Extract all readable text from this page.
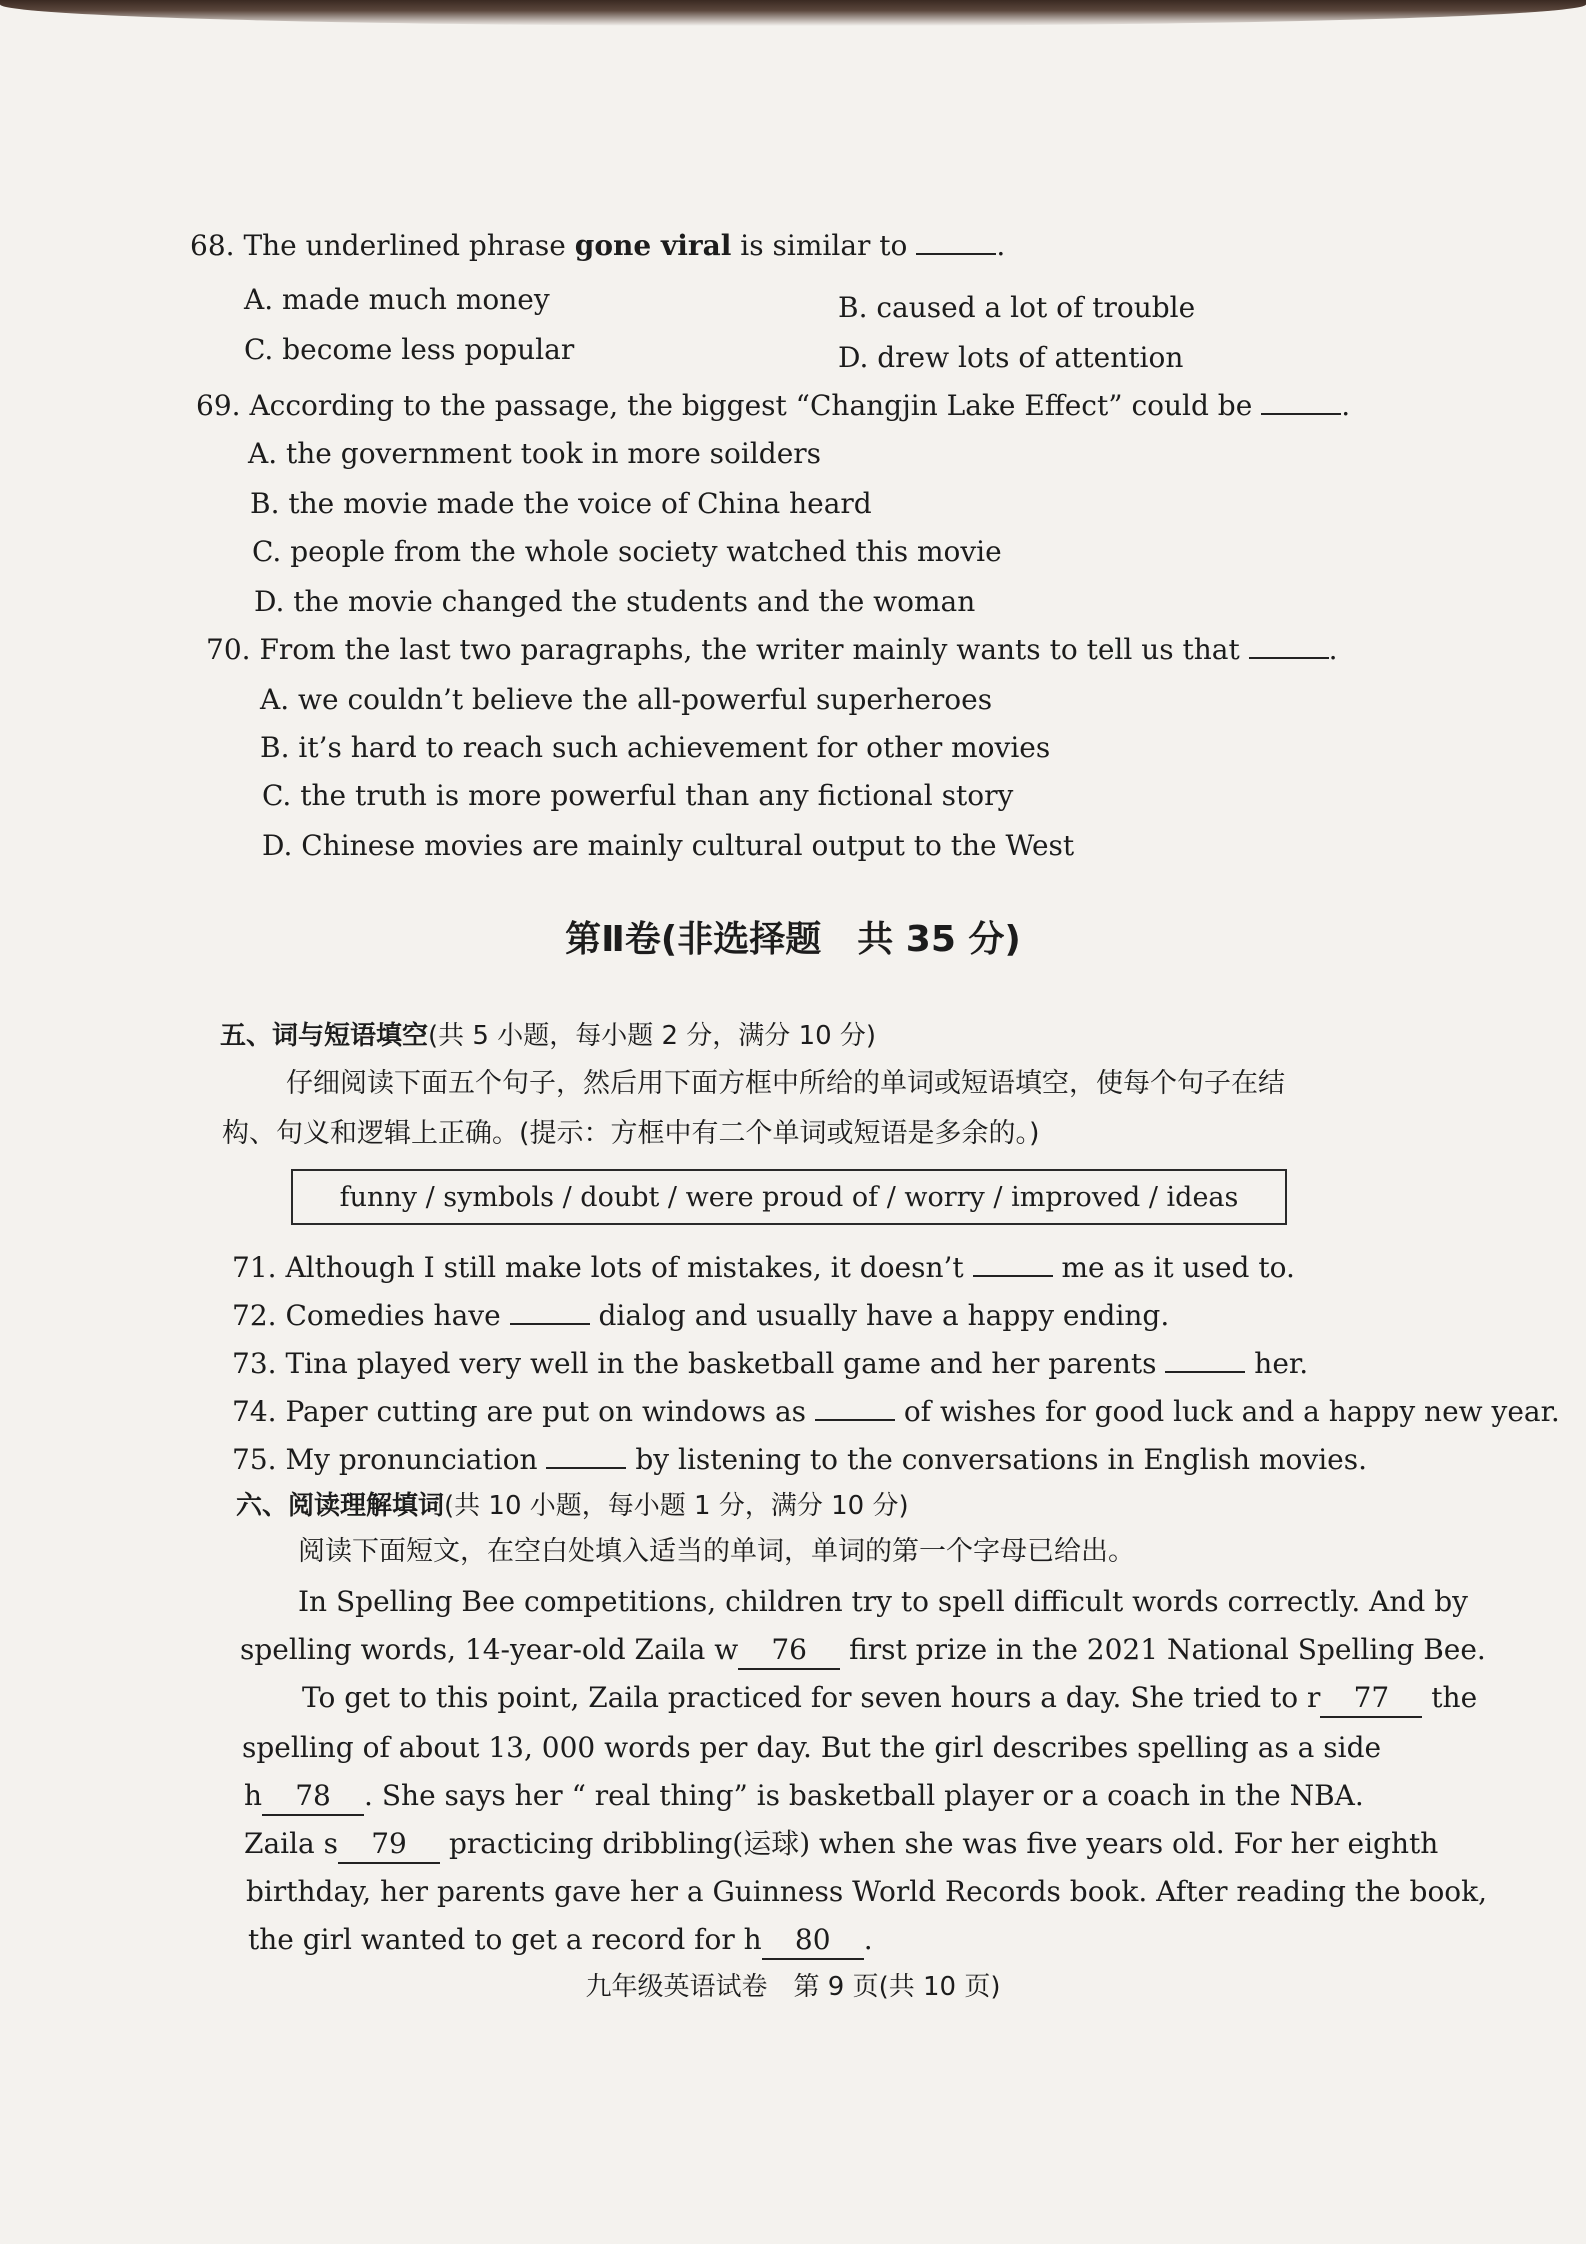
68. The underlined phrase gone viral is similar to	.
A. made much money	B. caused a lot of trouble
C. become less popular	D. drew lots of attention
69. According to the passage, the biggest “Changjin Lake Effect” could be	.
A. the government took in more soilders
B. the movie made the voice of China heard
C. people from the whole society watched this movie
D. the movie changed the students and the woman
70. From the last two paragraphs, the writer mainly wants to tell us that	.
A. we couldn’t believe the all-powerful superheroes
B. it’s hard to reach such achievement for other movies
C. the truth is more powerful than any fictional story
D. Chinese movies are mainly cultural output to the West
第Ⅱ卷(非选择题　共 35 分)
五、词与短语填空(共 5 小题，每小题 2 分，满分 10 分)
仔细阅读下面五个句子，然后用下面方框中所给的单词或短语填空，使每个句子在结
构、句义和逻辑上正确。(提示：方框中有二个单词或短语是多余的。)
funny / symbols / doubt / were proud of / worry / improved / ideas
71. Although I still make lots of mistakes, it doesn’t	me as it used to.
72. Comedies have	dialog and usually have a happy ending.
73. Tina played very well in the basketball game and her parents	her.
74. Paper cutting are put on windows as	of wishes for good luck and a happy new year.
75. My pronunciation	by listening to the conversations in English movies.
六、阅读理解填词(共 10 小题，每小题 1 分，满分 10 分)
阅读下面短文，在空白处填入适当的单词，单词的第一个字母已给出。
In Spelling Bee competitions, children try to spell difficult words correctly. And by
spelling words, 14-year-old Zaila w 76 first prize in the 2021 National Spelling Bee.
To get to this point, Zaila practiced for seven hours a day. She tried to r 77 the
spelling of about 13, 000 words per day. But the girl describes spelling as a side
h 78 . She says her “ real thing” is basketball player or a coach in the NBA.
Zaila s 79 practicing dribbling(运球) when she was five years old. For her eighth
birthday, her parents gave her a Guinness World Records book. After reading the book,
the girl wanted to get a record for h 80 .
九年级英语试卷　第 9 页(共 10 页)
